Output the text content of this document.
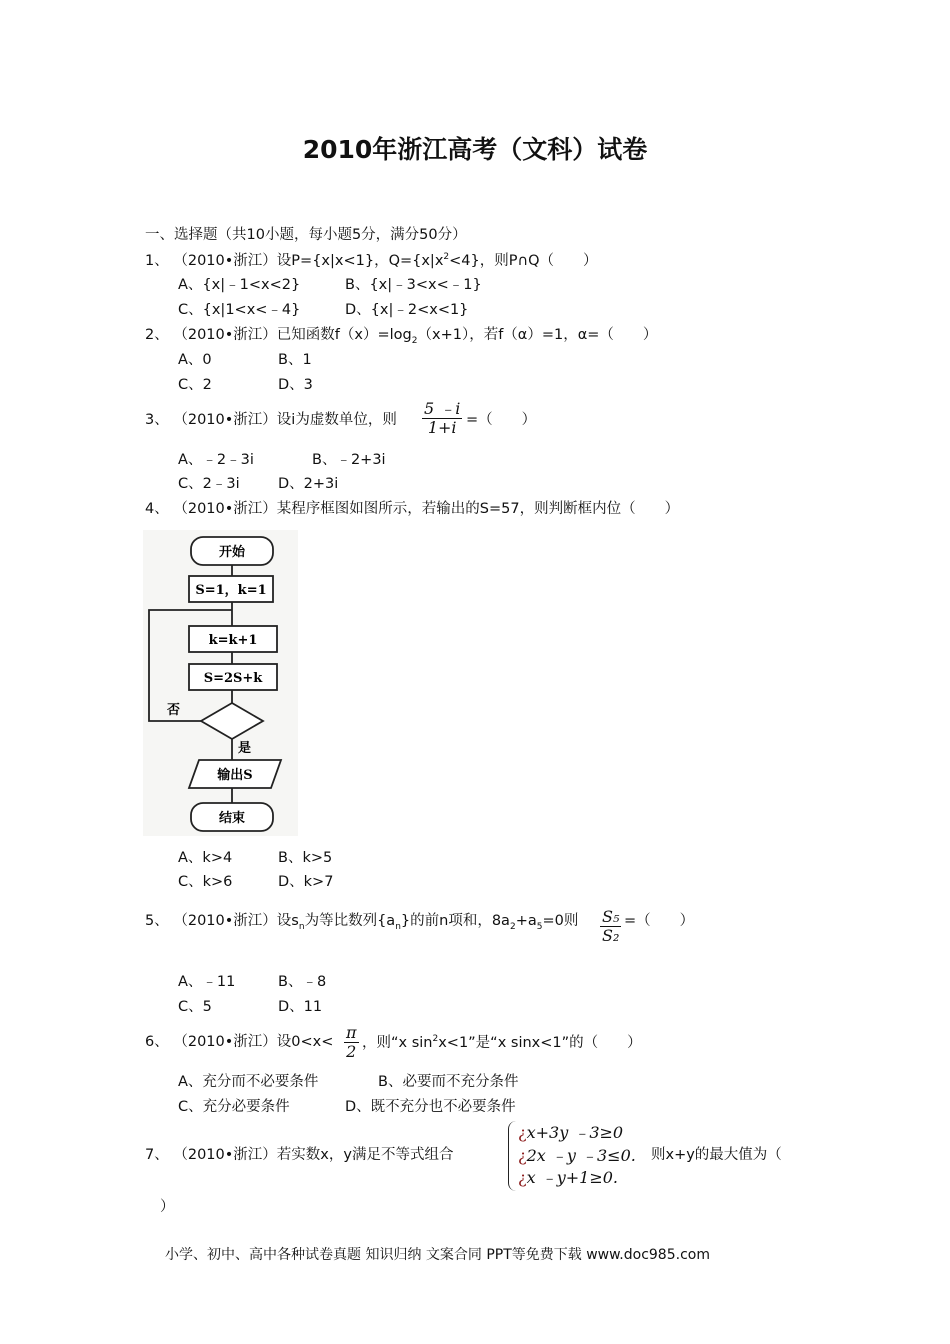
2010年浙江高考（文科）试卷
一、选择题（共10小题，每小题5分，满分50分）
1、 （2010•浙江）设P={x|x<1}，$Q=\{x|x^2<4\}$，则P∩Q（　　）
A、{x|﹣1<x<2}	B、{x|﹣3<x<﹣1}
C、{x|1<x<﹣4}	D、{x|﹣2<x<1}
2、 （2010•浙江）已知函数$f(x)=\log_2(x+1)$，若f（α）=1，α=（　　）
A、0	B、1
C、2	D、3
3、 （2010•浙江）设i为虚数单位，则 $\frac{5 ﹣i}{1+i}$ =（　　）
A、﹣2﹣3i	B、﹣2+3i
C、2﹣3i	D、2+3i
4、 （2010•浙江）某程序框图如图所示，若输出的S=57，则判断框内位（　　）
开始
S=1，k=1
k=k+1
S=2S+k
否
是
输出S
结束
A、k>4	B、k>5
C、k>6	D、k>7
5、 （2010•浙江）设$s_n$为等比数列$\{a_n\}$的前n项和，$8a_2+a_5=0$则 $\frac{\text{S₅}}{\text{S₂}}$ =（　　）
A、﹣11	B、﹣8
C、5	D、11
6、 （2010•浙江）设$0<x< \frac{\pi}{2}$ ，则“x $\sin^2x<1$”是“x sinx<1”的（　　）
A、充分而不必要条件	B、必要而不充分条件
C、充分必要条件	D、既不充分也不必要条件
7、 （2010•浙江）若实数x，y满足不等式组合
¿x+3y ﹣3≥0
¿2x ﹣y ﹣3≤0.
¿x ﹣y+1≥0.
则x+y的最大值为（
）
小学、初中、高中各种试卷真题 知识归纳 文案合同 PPT等免费下载 www.doc985.com
